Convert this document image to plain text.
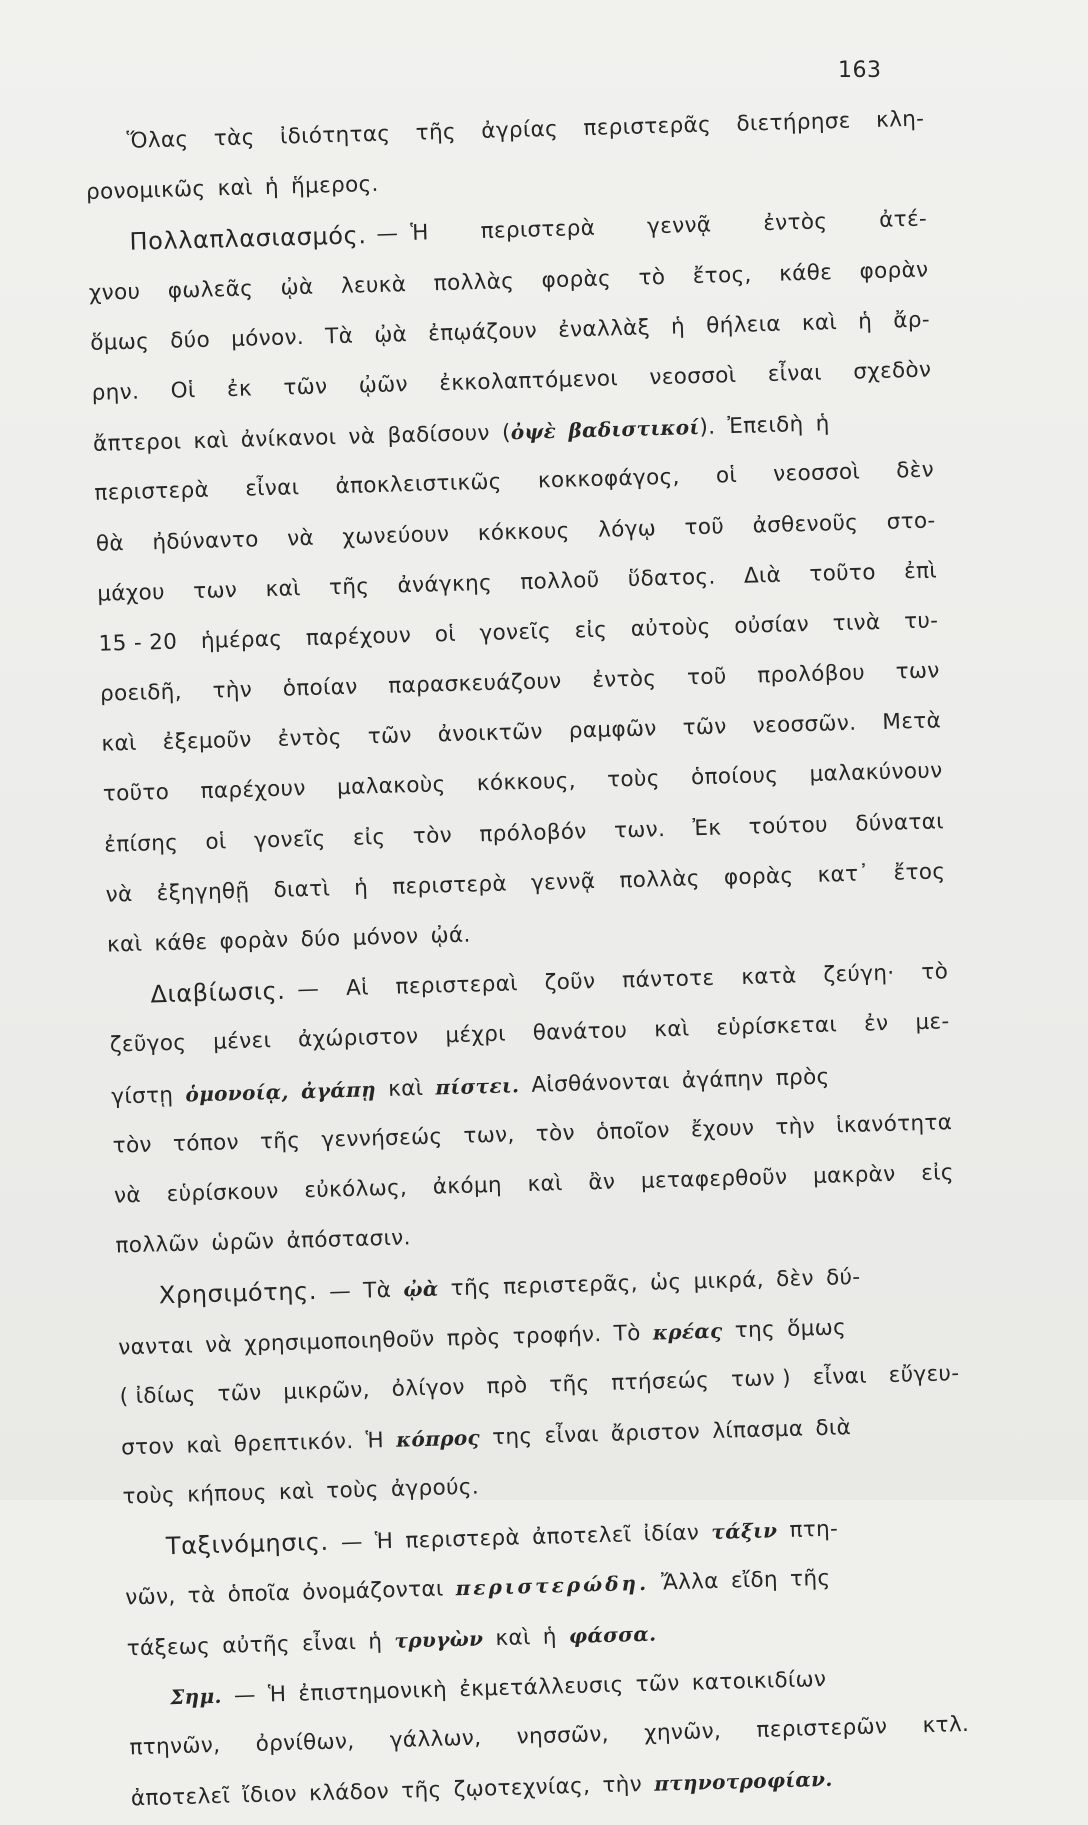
163
Ὅλας τὰς ἰδιότητας τῆς ἀγρίας περιστερᾶς διετήρησε κλη-
ρονομικῶς καὶ ἡ ἥμερος.
Πολλαπλασιασμός. — Ἡ περιστερὰ γεννᾷ ἐντὸς ἀτέ-
χνου φωλεᾶς ᾠὰ λευκὰ πολλὰς φορὰς τὸ ἔτος, κάθε φορὰν
ὅμως δύο μόνον. Τὰ ᾠὰ ἐπῳάζουν ἐναλλὰξ ἡ θήλεια καὶ ἡ ἄρ-
ρην. Οἱ ἐκ τῶν ᾠῶν ἐκκολαπτόμενοι νεοσσοὶ εἶναι σχεδὸν
ἄπτεροι καὶ ἀνίκανοι νὰ βαδίσουν (ὀψὲ βαδιστικοί). Ἐπειδὴ ἡ
περιστερὰ εἶναι ἀποκλειστικῶς κοκκοφάγος, οἱ νεοσσοὶ δὲν
θὰ ἠδύναντο νὰ χωνεύουν κόκκους λόγῳ τοῦ ἀσθενοῦς στο-
μάχου των καὶ τῆς ἀνάγκης πολλοῦ ὕδατος. Διὰ τοῦτο ἐπὶ
15 - 20 ἡμέρας παρέχουν οἱ γονεῖς εἰς αὐτοὺς οὐσίαν τινὰ τυ-
ροειδῆ, τὴν ὁποίαν παρασκευάζουν ἐντὸς τοῦ προλόβου των
καὶ ἐξεμοῦν ἐντὸς τῶν ἀνοικτῶν ραμφῶν τῶν νεοσσῶν. Μετὰ
τοῦτο παρέχουν μαλακοὺς κόκκους, τοὺς ὁποίους μαλακύνουν
ἐπίσης οἱ γονεῖς εἰς τὸν πρόλοβόν των. Ἐκ τούτου δύναται
νὰ ἐξηγηθῇ διατὶ ἡ περιστερὰ γεννᾷ πολλὰς φορὰς κατ᾿ ἔτος
καὶ κάθε φορὰν δύο μόνον ᾠά.
Διαβίωσις. — Αἱ περιστεραὶ ζοῦν πάντοτε κατὰ ζεύγη· τὸ
ζεῦγος μένει ἀχώριστον μέχρι θανάτου καὶ εὑρίσκεται ἐν με-
γίστῃ ὁμονοίᾳ, ἀγάπῃ καὶ πίστει. Αἰσθάνονται ἀγάπην πρὸς
τὸν τόπον τῆς γεννήσεώς των, τὸν ὁποῖον ἔχουν τὴν ἱκανότητα
νὰ εὑρίσκουν εὐκόλως, ἀκόμη καὶ ἂν μεταφερθοῦν μακρὰν εἰς
πολλῶν ὡρῶν ἀπόστασιν.
Χρησιμότης. — Τὰ ᾠὰ τῆς περιστερᾶς, ὡς μικρά, δὲν δύ-
νανται νὰ χρησιμοποιηθοῦν πρὸς τροφήν. Τὸ κρέας της ὅμως
( ἰδίως τῶν μικρῶν, ὀλίγον πρὸ τῆς πτήσεώς των ) εἶναι εὔγευ-
στον καὶ θρεπτικόν. Ἡ κόπρος της εἶναι ἄριστον λίπασμα διὰ
τοὺς κήπους καὶ τοὺς ἀγρούς.
Ταξινόμησις. — Ἡ περιστερὰ ἀποτελεῖ ἰδίαν τάξιν πτη-
νῶν, τὰ ὁποῖα ὀνομάζονται περιστερώδη. Ἄλλα εἴδη τῆς
τάξεως αὐτῆς εἶναι ἡ τρυγὼν καὶ ἡ φάσσα.
Σημ. — Ἡ ἐπιστημονικὴ ἐκμετάλλευσις τῶν κατοικιδίων
πτηνῶν, ὀρνίθων, γάλλων, νησσῶν, χηνῶν, περιστερῶν κτλ.
ἀποτελεῖ ἴδιον κλάδον τῆς ζῳοτεχνίας, τὴν πτηνοτροφίαν.
